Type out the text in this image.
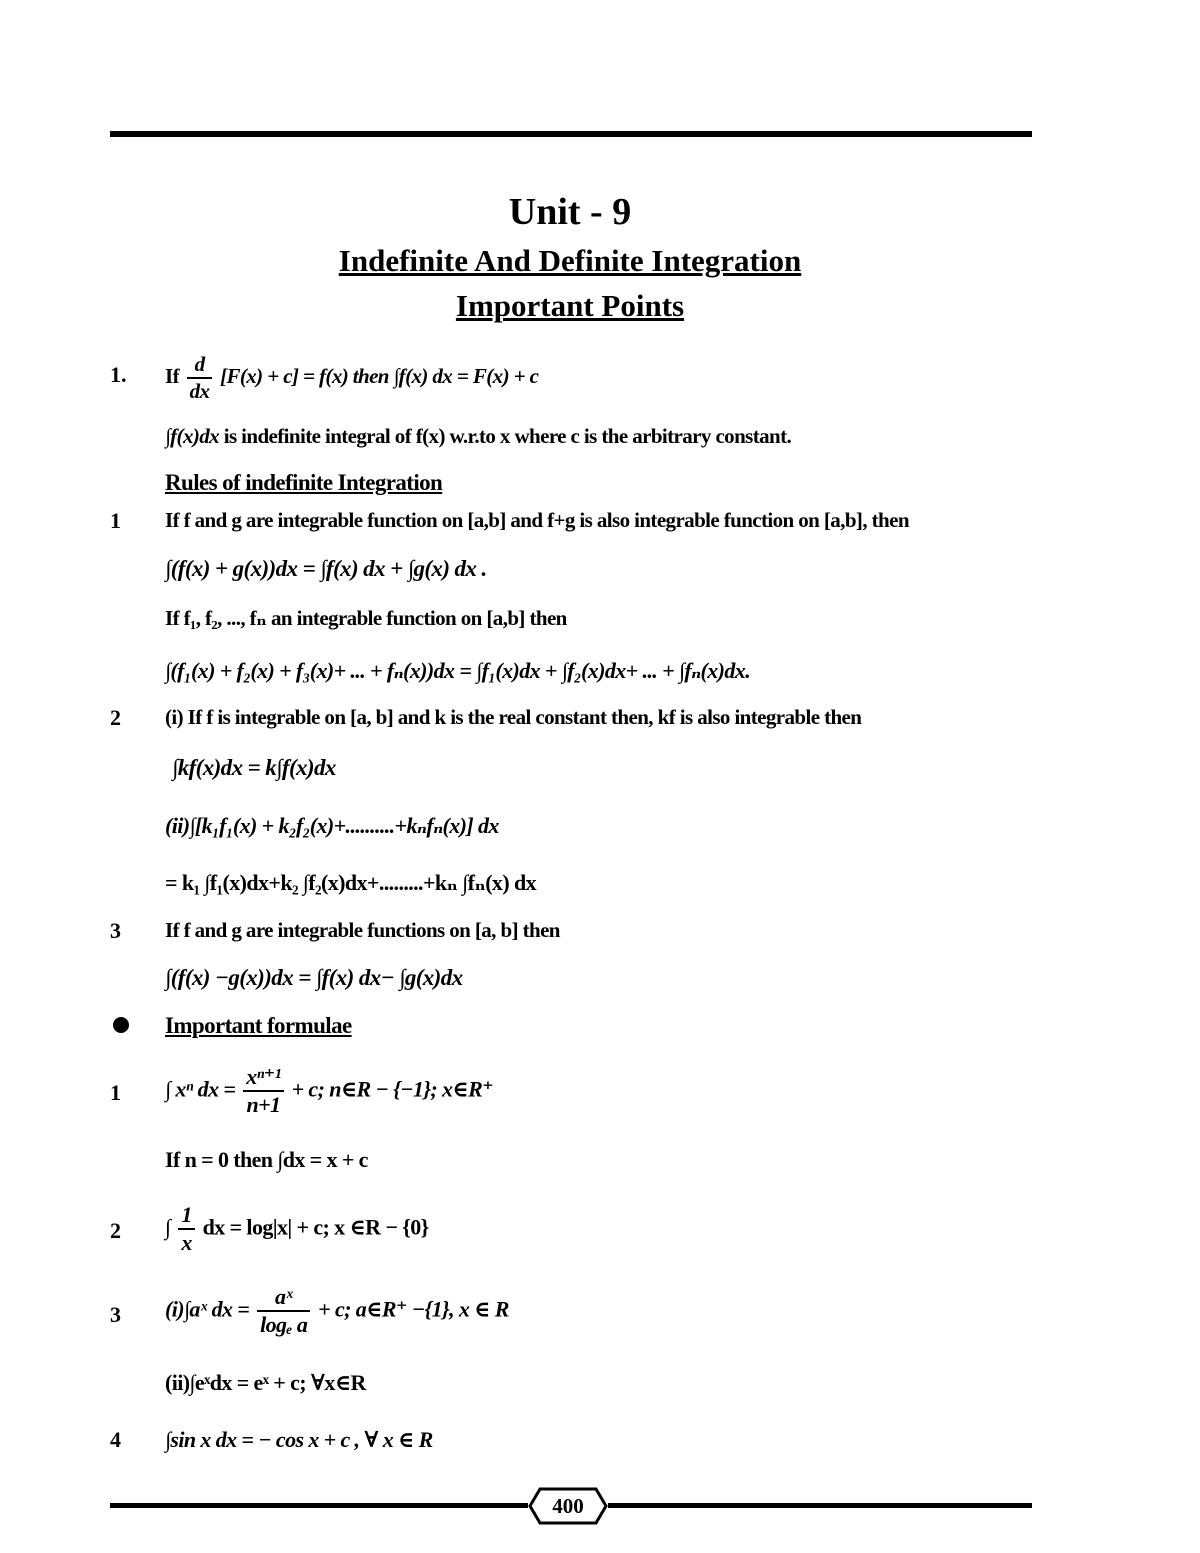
Unit - 9
Indefinite And Definite Integration
Important Points
1. If $\frac{d}{dx} [F(x) + c] = f(x)$ then ∫f(x) dx = F(x) + c
∫f(x)dx is indefinite integral of f(x) w.r.to x where c is the arbitrary constant.
Rules of indefinite Integration
1 If f and g are integrable function on [a,b] and f+g is also integrable function on [a,b], then
∫(f(x) + g(x))dx = ∫f(x) dx + ∫g(x) dx .
If f₁, f₂, ..., fₙ an integrable function on [a,b] then
∫(f₁(x) + f₂(x) + f₃(x)+ ... + fₙ(x))dx = ∫f₁(x)dx + ∫f₂(x)dx+ ... + ∫fₙ(x)dx.
2 (i) If f is integrable on [a, b] and k is the real constant then, kf is also integrable then
∫kf(x)dx = k∫f(x)dx
(ii)∫[k₁f₁(x) + k₂f₂(x)+..........+kₙfₙ(x)] dx
= k₁ ∫f₁(x)dx+k₂ ∫f₂(x)dx+.........+kₙ ∫fₙ(x) dx
3 If f and g are integrable functions on [a, b] then
∫(f(x) −g(x))dx = ∫f(x) dx− ∫g(x)dx
Important formulae
1 ∫ xⁿ dx = $\frac{\text{xⁿ⁺¹}}{n+1} + c$; n∈R − {−1}; x∈R⁺
If n = 0 then ∫dx = x + c
2 ∫ $\frac{1}{x}$ dx = log|x| + c; x ∈R − {0}
3 (i)∫aˣ dx = $\frac{\text{aˣ}}{\text{logₑ a}} + c$; a∈R⁺ −{1}, x ∈ R
(ii)∫eˣdx = eˣ + c; ∀x∈R
4 ∫sin x dx = − cos x + c , ∀ x ∈ R
400
